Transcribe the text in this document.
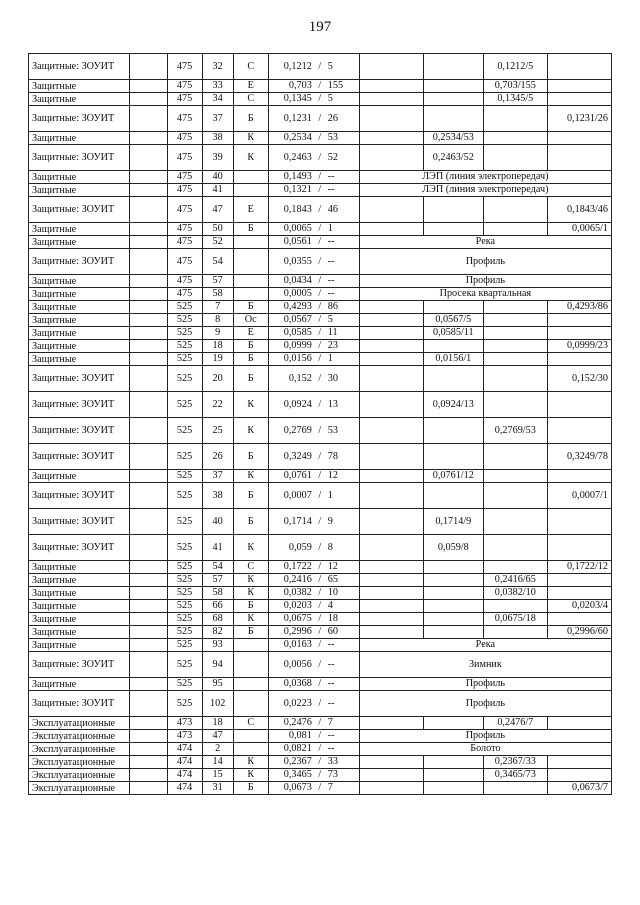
197
Защитные: ЗОУИТ		475	32	С	0,1212 / 5			0,1212/5	
Защитные		475	33	Е	0,703 / 155			0,703/155	
Защитные		475	34	С	0,1345 / 5			0,1345/5	
Защитные: ЗОУИТ		475	37	Б	0,1231 / 26				0,1231/26
Защитные		475	38	К	0,2534 / 53		0,2534/53		
Защитные: ЗОУИТ		475	39	К	0,2463 / 52		0,2463/52		
Защитные		475	40		0,1493 / --	ЛЭП (линия электропередач)			
Защитные		475	41		0,1321 / --	ЛЭП (линия электропередач)			
Защитные: ЗОУИТ		475	47	Е	0,1843 / 46				0,1843/46
Защитные		475	50	Б	0,0065 / 1				0,0065/1
Защитные		475	52		0,0561 / --	Река			
Защитные: ЗОУИТ		475	54		0,0355 / --	Профиль			
Защитные		475	57		0,0434 / --	Профиль			
Защитные		475	58		0,0005 / --	Просека квартальная			
Защитные		525	7	Б	0,4293 / 86				0,4293/86
Защитные		525	8	Ос	0,0567 / 5		0,0567/5		
Защитные		525	9	Е	0,0585 / 11		0,0585/11		
Защитные		525	18	Б	0,0999 / 23				0,0999/23
Защитные		525	19	Б	0,0156 / 1		0,0156/1		
Защитные: ЗОУИТ		525	20	Б	0,152 / 30				0,152/30
Защитные: ЗОУИТ		525	22	К	0,0924 / 13		0,0924/13		
Защитные: ЗОУИТ		525	25	К	0,2769 / 53			0,2769/53	
Защитные: ЗОУИТ		525	26	Б	0,3249 / 78				0,3249/78
Защитные		525	37	К	0,0761 / 12		0,0761/12		
Защитные: ЗОУИТ		525	38	Б	0,0007 / 1				0,0007/1
Защитные: ЗОУИТ		525	40	Б	0,1714 / 9		0,1714/9		
Защитные: ЗОУИТ		525	41	К	0,059 / 8		0,059/8		
Защитные		525	54	С	0,1722 / 12				0,1722/12
Защитные		525	57	К	0,2416 / 65			0,2416/65	
Защитные		525	58	К	0,0382 / 10			0,0382/10	
Защитные		525	66	Б	0,0203 / 4				0,0203/4
Защитные		525	68	К	0,0675 / 18			0,0675/18	
Защитные		525	82	Б	0,2996 / 60				0,2996/60
Защитные		525	93		0,0163 / --	Река			
Защитные: ЗОУИТ		525	94		0,0056 / --	Зимник			
Защитные		525	95		0,0368 / --	Профиль			
Защитные: ЗОУИТ		525	102		0,0223 / --	Профиль			
Эксплуатационные		473	18	С	0,2476 / 7			0,2476/7	
Эксплуатационные		473	47		0,081 / --	Профиль			
Эксплуатационные		474	2		0,0821 / --	Болото			
Эксплуатационные		474	14	К	0,2367 / 33			0,2367/33	
Эксплуатационные		474	15	К	0,3465 / 73			0,3465/73	
Эксплуатационные		474	31	Б	0,0673 / 7				0,0673/7
